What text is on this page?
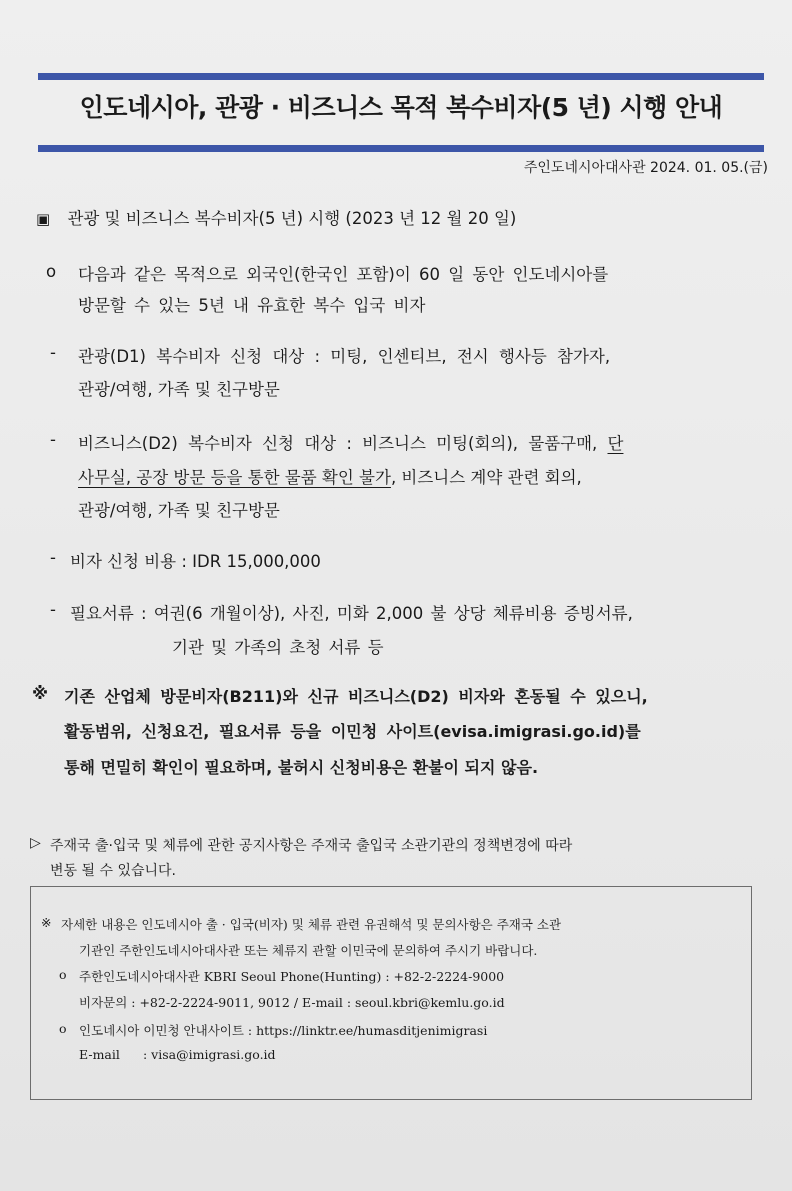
인도네시아, 관광 · 비즈니스 목적 복수비자(5 년) 시행 안내
주인도네시아대사관 2024. 01. 05.(금)
▣ 관광 및 비즈니스 복수비자(5 년) 시행 (2023 년 12 월 20 일)
o 다음과 같은 목적으로 외국인(한국인 포함)이 60 일 동안 인도네시아를
방문할 수 있는 5년 내 유효한 복수 입국 비자
- 관광(D1) 복수비자 신청 대상 : 미팅, 인센티브, 전시 행사등 참가자,
관광/여행, 가족 및 친구방문
- 비즈니스(D2) 복수비자 신청 대상 : 비즈니스 미팅(회의), 물품구매, 단
사무실, 공장 방문 등을 통한 물품 확인 불가, 비즈니스 계약 관련 회의,
관광/여행, 가족 및 친구방문
- 비자 신청 비용 : IDR 15,000,000
- 필요서류 : 여권(6 개월이상), 사진, 미화 2,000 불 상당 체류비용 증빙서류,
기관 및 가족의 초청 서류 등
※ 기존 산업체 방문비자(B211)와 신규 비즈니스(D2) 비자와 혼동될 수 있으니,
활동범위, 신청요건, 필요서류 등을 이민청 사이트(evisa.imigrasi.go.id)를
통해 면밀히 확인이 필요하며, 불허시 신청비용은 환불이 되지 않음.
▷ 주재국 출·입국 및 체류에 관한 공지사항은 주재국 출입국 소관기관의 정책변경에 따라
변동 될 수 있습니다.
※ 자세한 내용은 인도네시아 출 · 입국(비자) 및 체류 관련 유권해석 및 문의사항은 주재국 소관
기관인 주한인도네시아대사관 또는 체류지 관할 이민국에 문의하여 주시기 바랍니다.
o 주한인도네시아대사관 KBRI Seoul Phone(Hunting) : +82-2-2224-9000
비자문의 : +82-2-2224-9011, 9012 / E-mail : seoul.kbri@kemlu.go.id
o 인도네시아 이민청 안내사이트 : https://linktr.ee/humasditjenimigrasi
E-mail : visa@imigrasi.go.id
